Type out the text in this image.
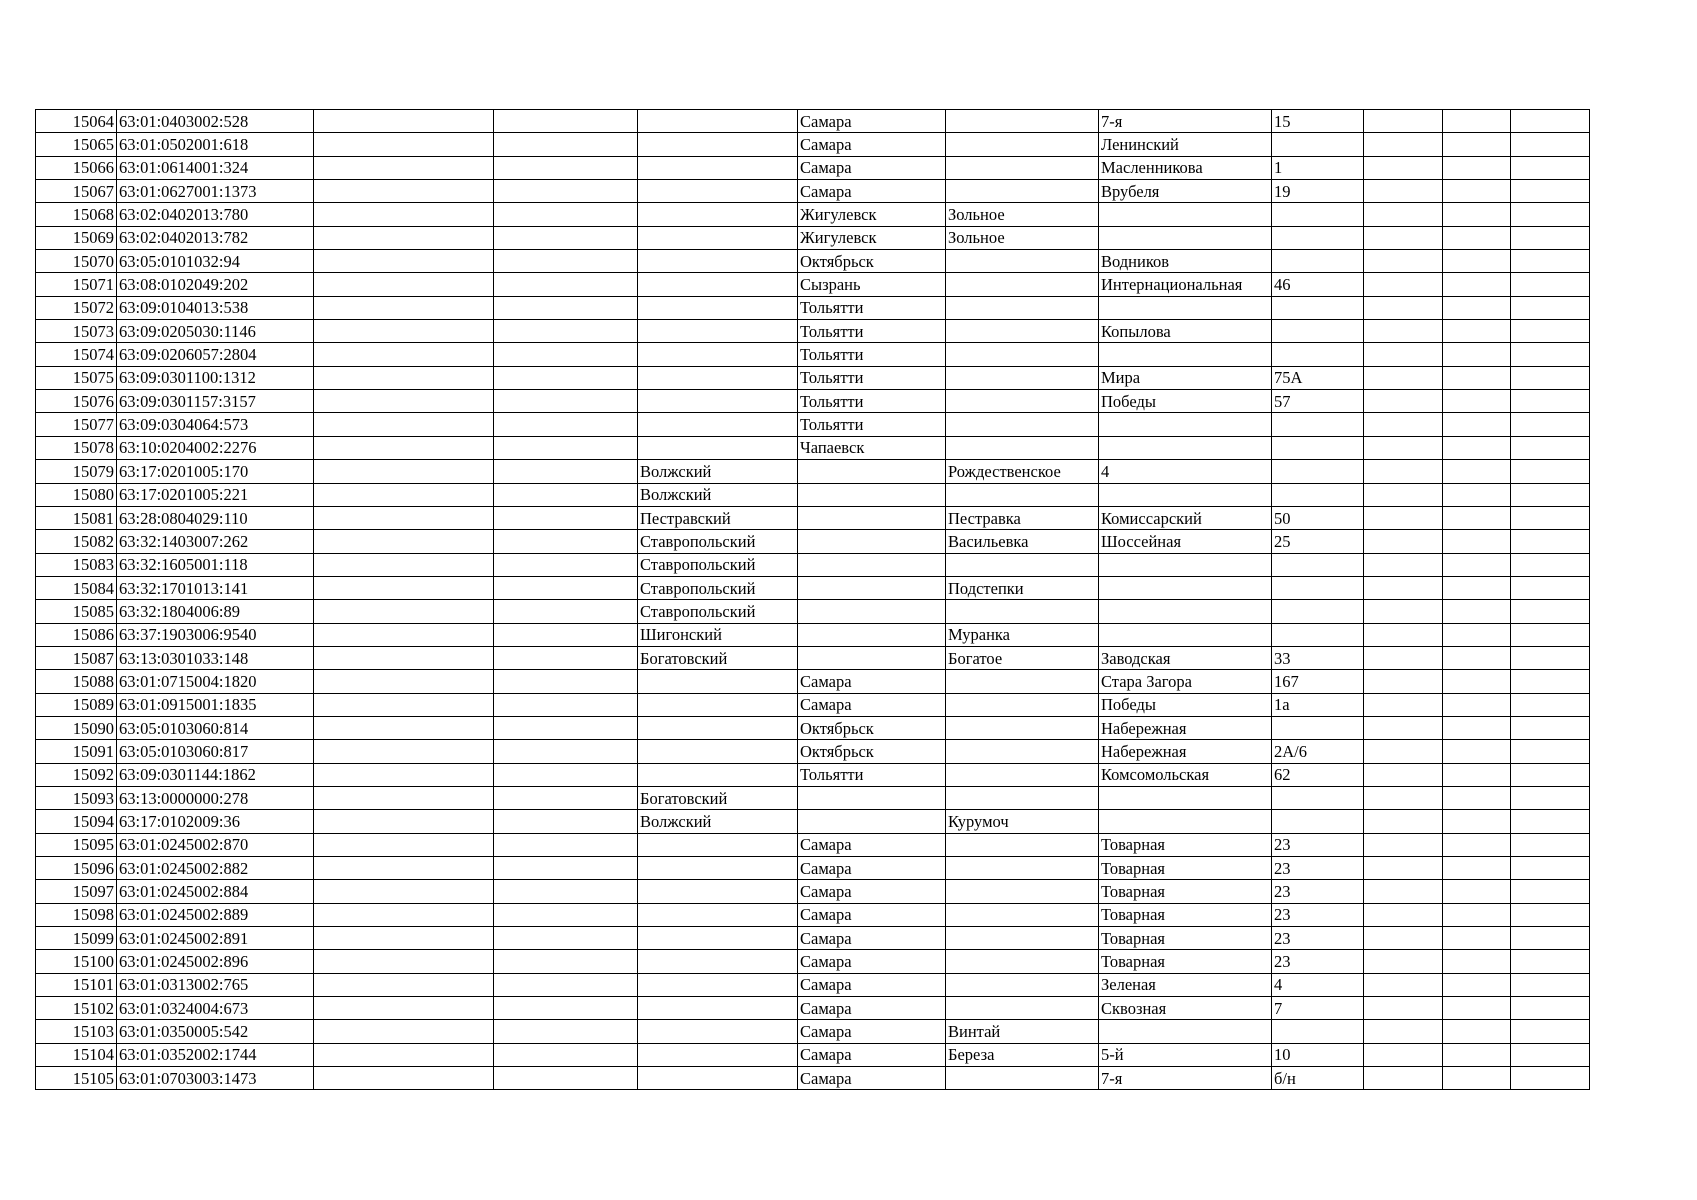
15064	63:01:0403002:528				Самара		7-я	15			
15065	63:01:0502001:618				Самара		Ленинский				
15066	63:01:0614001:324				Самара		Масленникова	1			
15067	63:01:0627001:1373				Самара		Врубеля	19			
15068	63:02:0402013:780				Жигулевск	Зольное					
15069	63:02:0402013:782				Жигулевск	Зольное					
15070	63:05:0101032:94				Октябрьск		Водников				
15071	63:08:0102049:202				Сызрань		Интернациональная	46			
15072	63:09:0104013:538				Тольятти						
15073	63:09:0205030:1146				Тольятти		Копылова				
15074	63:09:0206057:2804				Тольятти						
15075	63:09:0301100:1312				Тольятти		Мира	75А			
15076	63:09:0301157:3157				Тольятти		Победы	57			
15077	63:09:0304064:573				Тольятти						
15078	63:10:0204002:2276				Чапаевск						
15079	63:17:0201005:170			Волжский		Рождественское	4				
15080	63:17:0201005:221			Волжский							
15081	63:28:0804029:110			Пестравский		Пестравка	Комиссарский	50			
15082	63:32:1403007:262			Ставропольский		Васильевка	Шоссейная	25			
15083	63:32:1605001:118			Ставропольский							
15084	63:32:1701013:141			Ставропольский		Подстепки					
15085	63:32:1804006:89			Ставропольский							
15086	63:37:1903006:9540			Шигонский		Муранка					
15087	63:13:0301033:148			Богатовский		Богатое	Заводская	33			
15088	63:01:0715004:1820				Самара		Стара Загора	167			
15089	63:01:0915001:1835				Самара		Победы	1а			
15090	63:05:0103060:814				Октябрьск		Набережная				
15091	63:05:0103060:817				Октябрьск		Набережная	2А/6			
15092	63:09:0301144:1862				Тольятти		Комсомольская	62			
15093	63:13:0000000:278			Богатовский							
15094	63:17:0102009:36			Волжский		Курумоч					
15095	63:01:0245002:870				Самара		Товарная	23			
15096	63:01:0245002:882				Самара		Товарная	23			
15097	63:01:0245002:884				Самара		Товарная	23			
15098	63:01:0245002:889				Самара		Товарная	23			
15099	63:01:0245002:891				Самара		Товарная	23			
15100	63:01:0245002:896				Самара		Товарная	23			
15101	63:01:0313002:765				Самара		Зеленая	4			
15102	63:01:0324004:673				Самара		Сквозная	7			
15103	63:01:0350005:542				Самара	Винтай					
15104	63:01:0352002:1744				Самара	Береза	5-й	10			
15105	63:01:0703003:1473				Самара		7-я	б/н			
